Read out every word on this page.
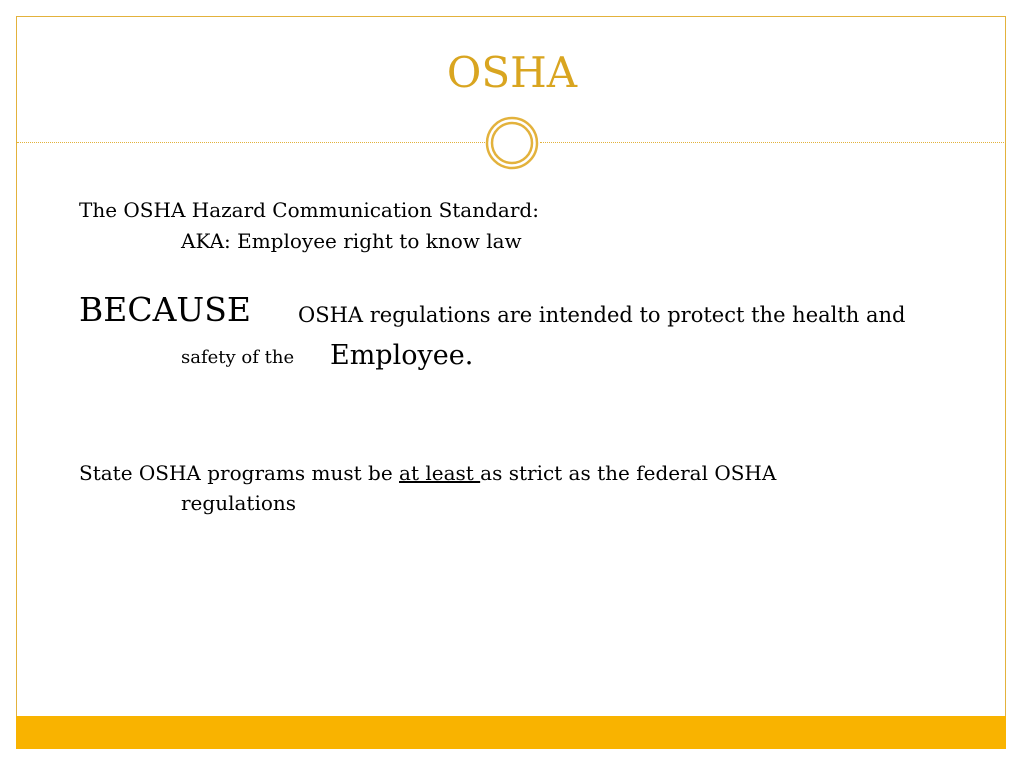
OSHA
The OSHA Hazard Communication Standard:
AKA: Employee right to know law
BECAUSE OSHA regulations are intended to protect the health and
safety of the Employee.
State OSHA programs must be at least as strict as the federal OSHA
regulations
